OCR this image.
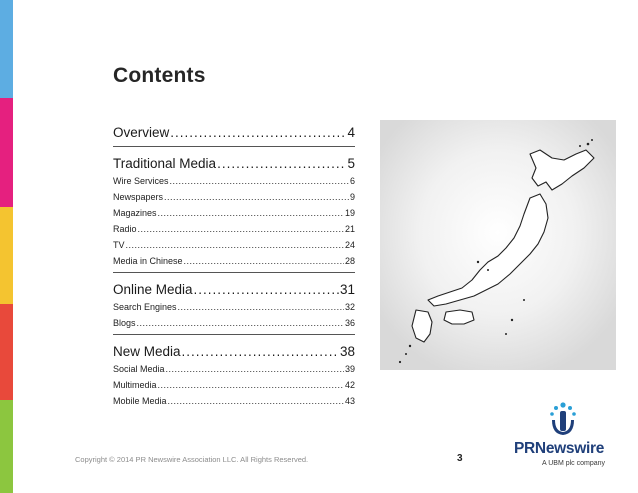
Contents
Overview .....	4
Traditional Media .....	5
Wire Services .....	6
Newspapers .....	9
Magazines .....	19
Radio .....	21
TV .....	24
Media in Chinese .....	28
Online Media .....	31
Search Engines .....	32
Blogs .....	36
New Media .....	38
Social Media .....	39
Multimedia .....	42
Mobile Media .....	43
Copyright © 2014 PR Newswire Association LLC. All Rights Reserved.	3
PRNewswire
A UBM plc company
